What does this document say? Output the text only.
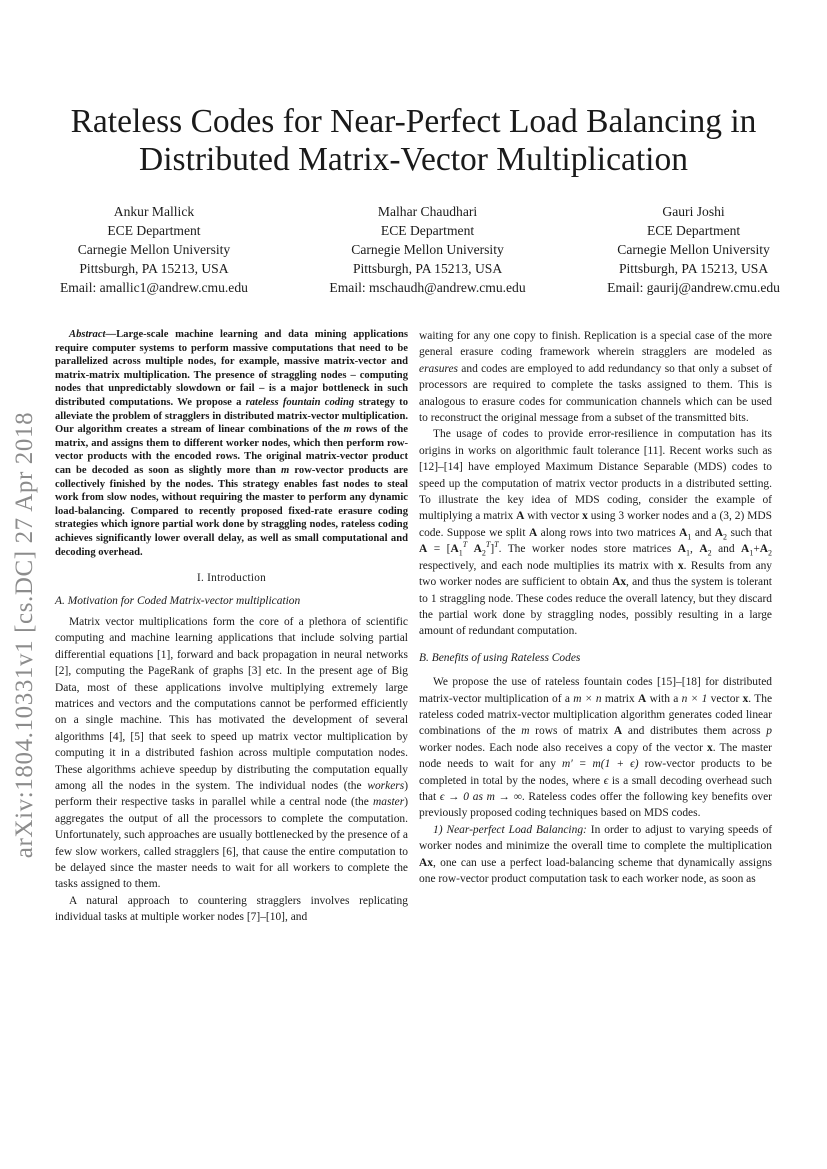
arXiv:1804.10331v1 [cs.DC] 27 Apr 2018
Rateless Codes for Near-Perfect Load Balancing in Distributed Matrix-Vector Multiplication
Ankur Mallick
ECE Department
Carnegie Mellon University
Pittsburgh, PA 15213, USA
Email: amallic1@andrew.cmu.edu
Malhar Chaudhari
ECE Department
Carnegie Mellon University
Pittsburgh, PA 15213, USA
Email: mschaudh@andrew.cmu.edu
Gauri Joshi
ECE Department
Carnegie Mellon University
Pittsburgh, PA 15213, USA
Email: gaurij@andrew.cmu.edu

Abstract—Large-scale machine learning and data mining applications require computer systems to perform massive computations that need to be parallelized across multiple nodes, for example, massive matrix-vector and matrix-matrix multiplication. The presence of straggling nodes – computing nodes that unpredictably slowdown or fail – is a major bottleneck in such distributed computations. We propose a rateless fountain coding strategy to alleviate the problem of stragglers in distributed matrix-vector multiplication. Our algorithm creates a stream of linear combinations of the m rows of the matrix, and assigns them to different worker nodes, which then perform row-vector products with the encoded rows. The original matrix-vector product can be decoded as soon as slightly more than m row-vector products are collectively finished by the nodes. This strategy enables fast nodes to steal work from slow nodes, without requiring the master to perform any dynamic load-balancing. Compared to recently proposed fixed-rate erasure coding strategies which ignore partial work done by straggling nodes, rateless coding achieves significantly lower overall delay, as well as small computational and decoding overhead.

I. Introduction
A. Motivation for Coded Matrix-vector multiplication

Matrix vector multiplications form the core of a plethora of scientific computing and machine learning applications that include solving partial differential equations [1], forward and back propagation in neural networks [2], computing the PageRank of graphs [3] etc. In the present age of Big Data, most of these applications involve multiplying extremely large matrices and vectors and the computations cannot be performed efficiently on a single machine. This has motivated the development of several algorithms [4], [5] that seek to speed up matrix vector multiplication by computing it in a distributed fashion across multiple computation nodes. These algorithms achieve speedup by distributing the computation equally among all the nodes in the system. The individual nodes (the workers) perform their respective tasks in parallel while a central node (the master) aggregates the output of all the processors to complete the computation. Unfortunately, such approaches are usually bottlenecked by the presence of a few slow workers, called stragglers [6], that cause the entire computation to be delayed since the master needs to wait for all workers to complete the tasks assigned to them.

A natural approach to countering stragglers involves replicating individual tasks at multiple worker nodes [7]–[10], and

waiting for any one copy to finish. Replication is a special case of the more general erasure coding framework wherein stragglers are modeled as erasures and codes are employed to add redundancy so that only a subset of processors are required to complete the tasks assigned to them. This is analogous to erasure codes for communication channels which can be used to reconstruct the original message from a subset of the transmitted bits.

The usage of codes to provide error-resilience in computation has its origins in works on algorithmic fault tolerance [11]. Recent works such as [12]–[14] have employed Maximum Distance Separable (MDS) codes to speed up the computation of matrix vector products in a distributed setting. To illustrate the key idea of MDS coding, consider the example of multiplying a matrix A with vector x using 3 worker nodes and a (3, 2) MDS code. Suppose we split A along rows into two matrices $A_1$ and $A_2$ such that $A = [A_1^T$ $A_2^T]^T$. The worker nodes store matrices $A_1$, $A_2$ and $A_1+A_2$ respectively, and each node multiplies its matrix with x. Results from any two worker nodes are sufficient to obtain Ax, and thus the system is tolerant to 1 straggling node. These codes reduce the overall latency, but they discard the partial work done by straggling nodes, possibly resulting in a large amount of redundant computation.

B. Benefits of using Rateless Codes

We propose the use of rateless fountain codes [15]–[18] for distributed matrix-vector multiplication of a m × n matrix A with a n × 1 vector x. The rateless coded matrix-vector multiplication algorithm generates coded linear combinations of the m rows of matrix A and distributes them across p worker nodes. Each node also receives a copy of the vector x. The master node needs to wait for any m′ = m(1 + ϵ) row-vector products to be completed in total by the nodes, where ϵ is a small decoding overhead such that ϵ → 0 as m → ∞. Rateless codes offer the following key benefits over previously proposed coding techniques based on MDS codes.

1) Near-perfect Load Balancing: In order to adjust to varying speeds of worker nodes and minimize the overall time to complete the multiplication Ax, one can use a perfect load-balancing scheme that dynamically assigns one row-vector product computation task to each worker node, as soon as
